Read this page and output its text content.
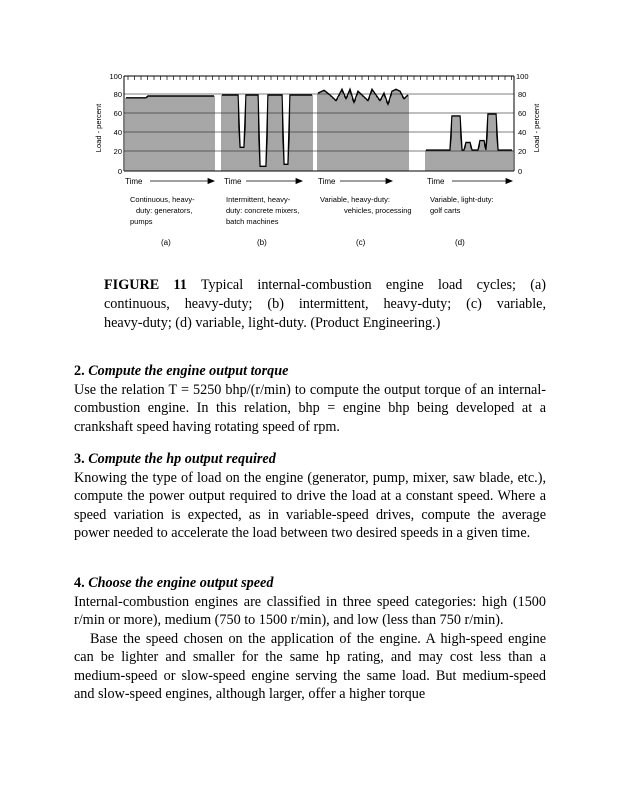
Load - percent	Load - percent
100
80
60
40
20
0
100
80
60
40
20
0
Time
Continuous, heavy-
duty: generators,
pumps
(a)
Time
Intermittent, heavy-
duty: concrete mixers,
batch machines
(b)
Time
Variable, heavy-duty:
vehicles, processing
(c)
Time
Variable, light-duty:
golf carts
(d)
FIGURE 11 Typical internal-combustion engine load cycles; (a)
continuous, heavy-duty; (b) intermittent, heavy-duty; (c) variable,
heavy-duty; (d) variable, light-duty. (Product Engineering.)
2. Compute the engine output torque

Use the relation T = 5250 bhp/(r/min) to compute the output torque of an internal-combustion engine. In this relation, bhp = engine bhp being developed at a crankshaft speed having rotating speed of rpm.

3. Compute the hp output required

Knowing the type of load on the engine (generator, pump, mixer, saw blade, etc.), compute the power output required to drive the load at a constant speed. Where a speed variation is expected, as in variable-speed drives, compute the average power needed to accelerate the load between two desired speeds in a given time.

4. Choose the engine output speed

Internal-combustion engines are classified in three speed categories: high (1500 r/min or more), medium (750 to 1500 r/min), and low (less than 750 r/min).

Base the speed chosen on the application of the engine. A high-speed engine can be lighter and smaller for the same hp rating, and may cost less than a medium-speed or slow-speed engine serving the same load. But medium-speed and slow-speed engines, although larger, offer a higher torque
